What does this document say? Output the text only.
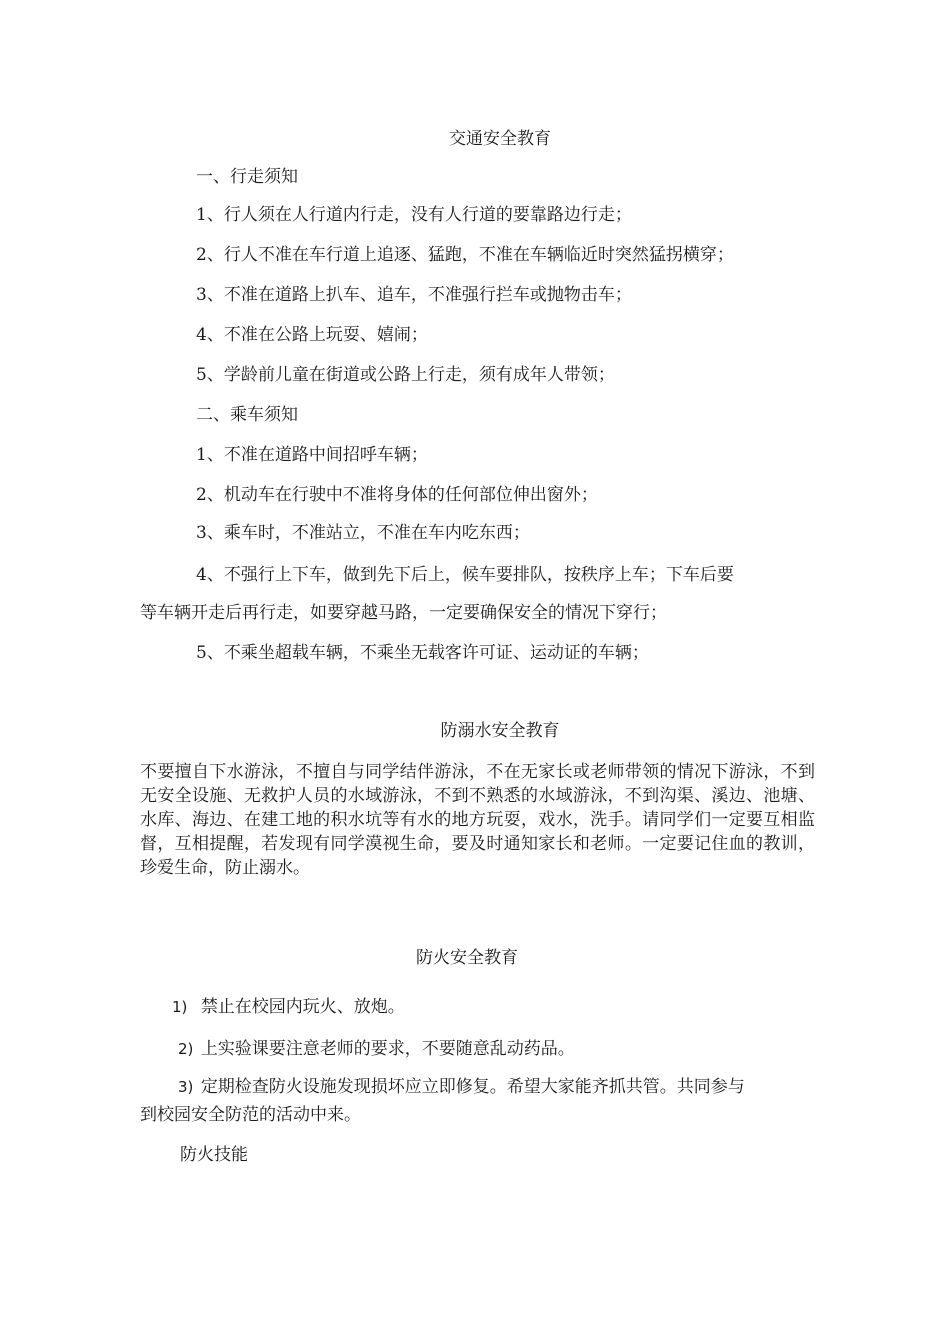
交通安全教育
一、行走须知
1、行人须在人行道内行走，没有人行道的要靠路边行走；
2、行人不准在车行道上追逐、猛跑，不准在车辆临近时突然猛拐横穿；
3、不准在道路上扒车、追车，不准强行拦车或抛物击车；
4、不准在公路上玩耍、嬉闹；
5、学龄前儿童在街道或公路上行走，须有成年人带领；
二、乘车须知
1、不准在道路中间招呼车辆；
2、机动车在行驶中不准将身体的任何部位伸出窗外；
3、乘车时，不准站立，不准在车内吃东西；
4、不强行上下车，做到先下后上，候车要排队，按秩序上车；下车后要
等车辆开走后再行走，如要穿越马路，一定要确保安全的情况下穿行；
5、不乘坐超载车辆，不乘坐无载客许可证、运动证的车辆；
防溺水安全教育
不要擅自下水游泳，不擅自与同学结伴游泳，不在无家长或老师带领的情况下游泳，不到无安全设施、无救护人员的水域游泳，不到不熟悉的水域游泳，不到沟渠、溪边、池塘、水库、海边、在建工地的积水坑等有水的地方玩耍，戏水，洗手。请同学们一定要互相监督，互相提醒，若发现有同学漠视生命，要及时通知家长和老师。一定要记住血的教训，珍爱生命，防止溺水。
防火安全教育
1) 禁止在校园内玩火、放炮。
2) 上实验课要注意老师的要求，不要随意乱动药品。
3) 定期检查防火设施发现损坏应立即修复。希望大家能齐抓共管。共同参与
到校园安全防范的活动中来。
防火技能
